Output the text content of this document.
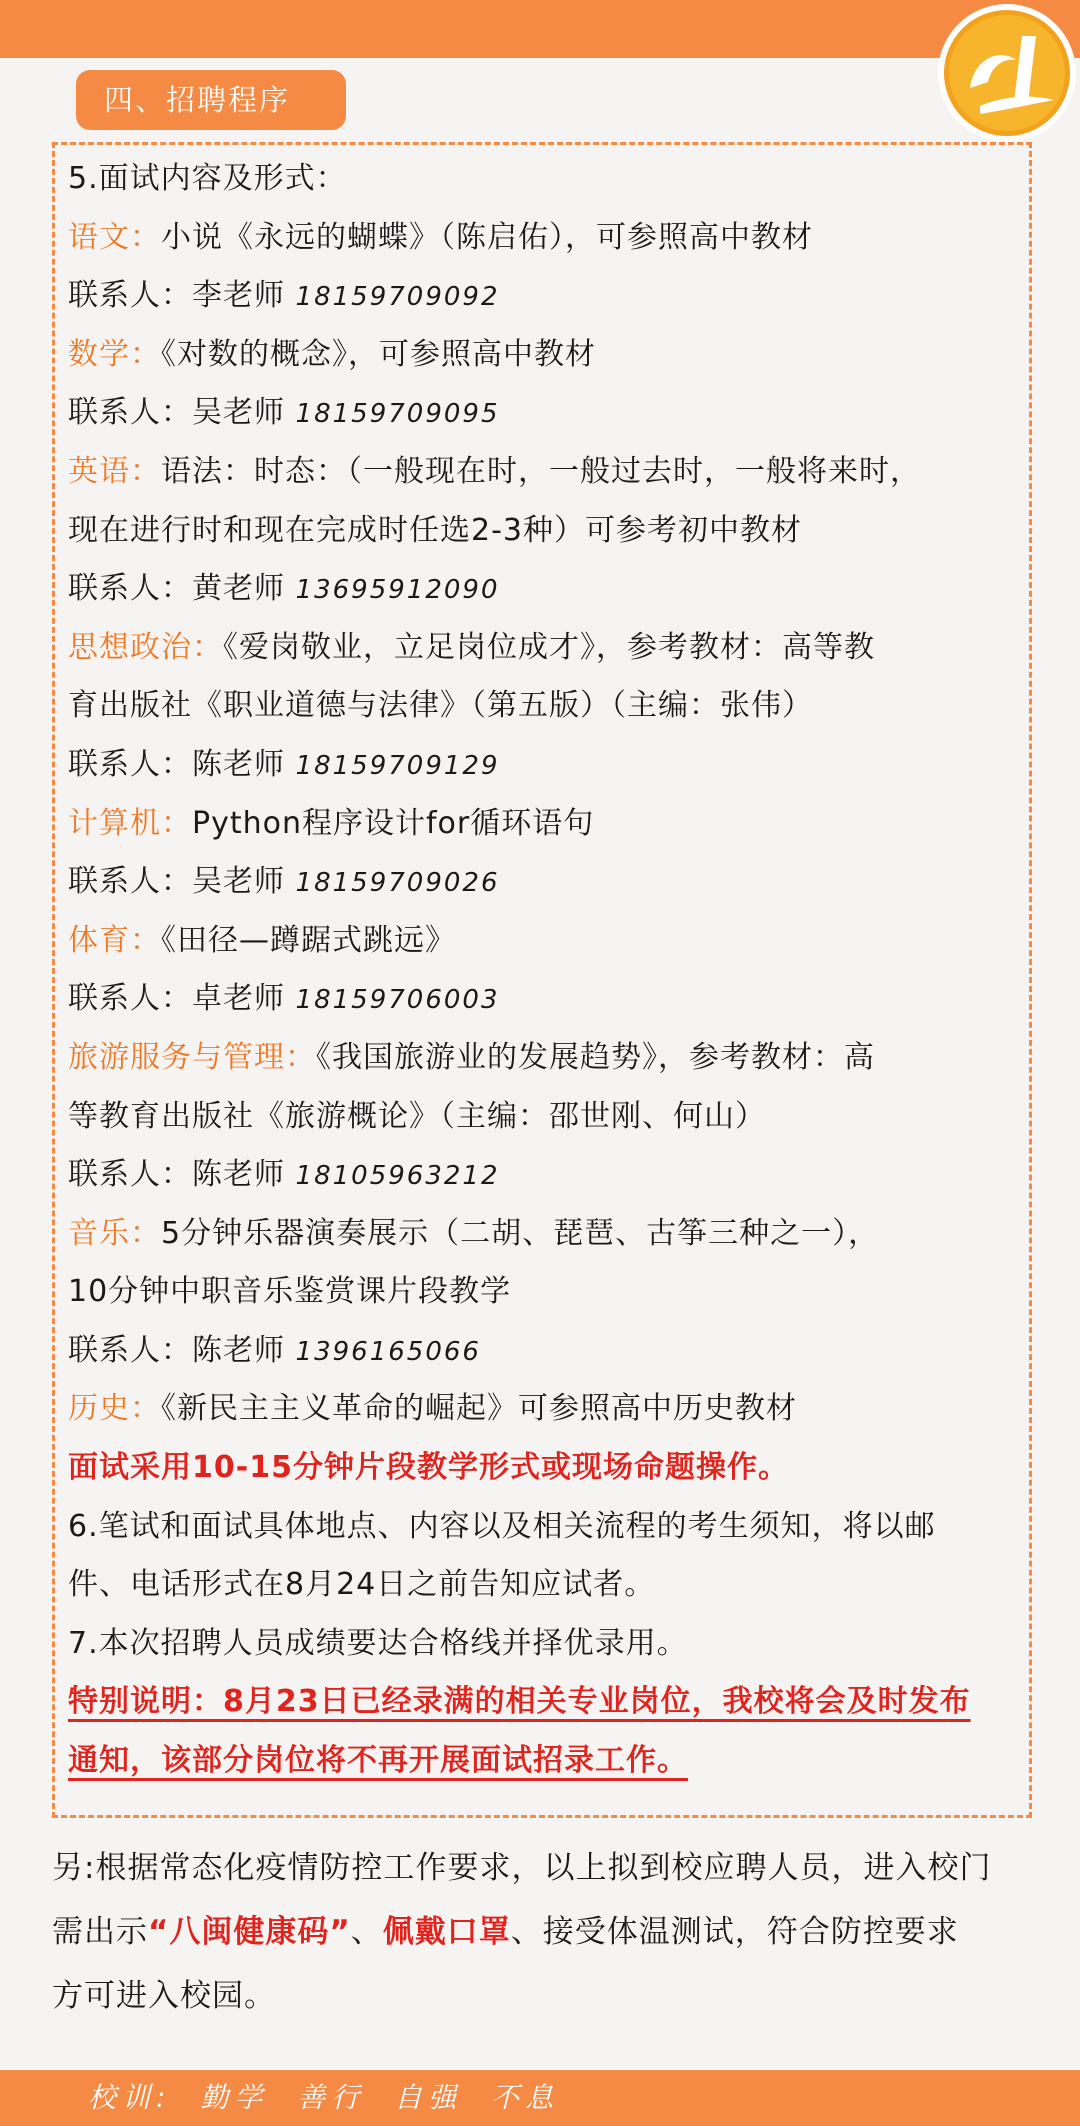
四、招聘程序
5.面试内容及形式：
语文：小说《永远的蝴蝶》（陈启佑），可参照高中教材
联系人：李老师 18159709092
数学：《对数的概念》，可参照高中教材
联系人：吴老师 18159709095
英语：语法：时态：（一般现在时，一般过去时，一般将来时，
现在进行时和现在完成时任选2-3种）可参考初中教材
联系人：黄老师 13695912090
思想政治：《爱岗敬业，立足岗位成才》，参考教材：高等教
育出版社《职业道德与法律》（第五版）（主编：张伟）
联系人：陈老师 18159709129
计算机：Python程序设计for循环语句
联系人：吴老师 18159709026
体育：《田径—蹲踞式跳远》
联系人：卓老师 18159706003
旅游服务与管理：《我国旅游业的发展趋势》，参考教材：高
等教育出版社《旅游概论》（主编：邵世刚、何山）
联系人：陈老师 18105963212
音乐：5分钟乐器演奏展示（二胡、琵琶、古筝三种之一），
10分钟中职音乐鉴赏课片段教学
联系人：陈老师 1396165066
历史：《新民主主义革命的崛起》可参照高中历史教材
面试采用10-15分钟片段教学形式或现场命题操作。
6.笔试和面试具体地点、内容以及相关流程的考生须知，将以邮
件、电话形式在8月24日之前告知应试者。
7.本次招聘人员成绩要达合格线并择优录用。
特别说明：8月23日已经录满的相关专业岗位，我校将会及时发布
通知，该部分岗位将不再开展面试招录工作。
另:根据常态化疫情防控工作要求，以上拟到校应聘人员，进入校门
需出示“八闽健康码”、佩戴口罩、接受体温测试，符合防控要求
方可进入校园。
校训: 勤学 善行 自强 不息
